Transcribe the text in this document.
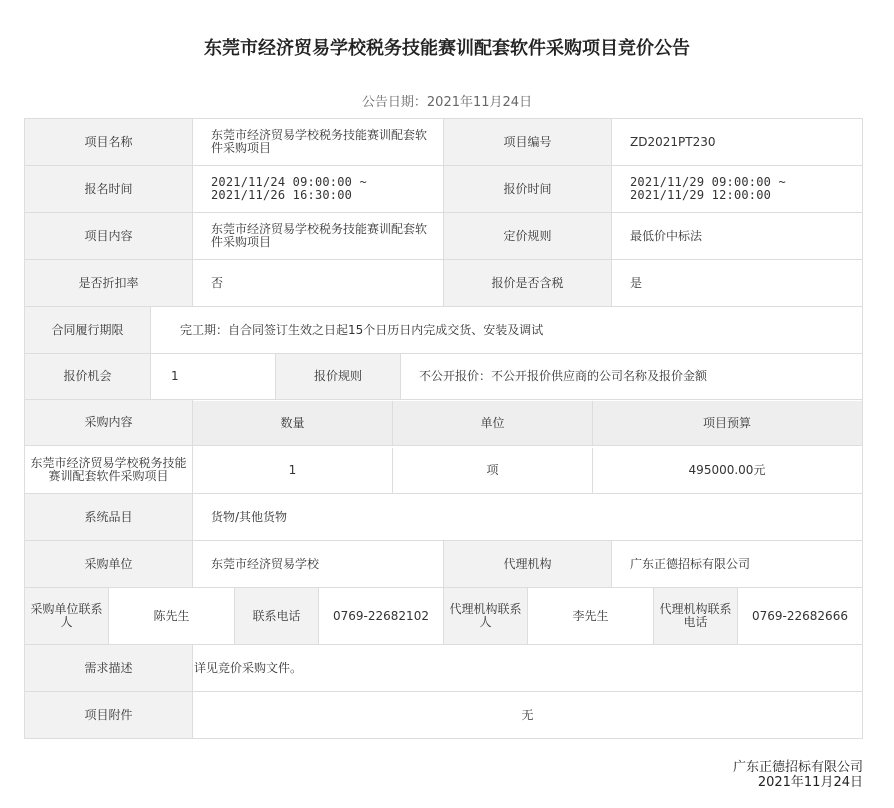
东莞市经济贸易学校税务技能赛训配套软件采购项目竞价公告
公告日期：2021年11月24日
项目名称	东莞市经济贸易学校税务技能赛训配套软件采购项目	项目编号	ZD2021PT230
报名时间	2021/11/24 09:00:00 ~
2021/11/26 16:30:00	报价时间	2021/11/29 09:00:00 ~
2021/11/29 12:00:00
项目内容	东莞市经济贸易学校税务技能赛训配套软件采购项目	定价规则	最低价中标法
是否折扣率	否	报价是否含税	是
合同履行期限	完工期：自合同签订生效之日起15个日历日内完成交货、安装及调试
报价机会	1	报价规则	不公开报价：不公开报价供应商的公司名称及报价金额
采购内容	数量	单位	项目预算
东莞市经济贸易学校税务技能赛训配套软件采购项目	1	项	495000.00元
系统品目	货物/其他货物
采购单位	东莞市经济贸易学校	代理机构	广东正德招标有限公司
采购单位联系人	陈先生	联系电话	0769-22682102	代理机构联系人	李先生	代理机构联系电话	0769-22682666
需求描述	详见竞价采购文件。
项目附件	无
广东正德招标有限公司
2021年11月24日
